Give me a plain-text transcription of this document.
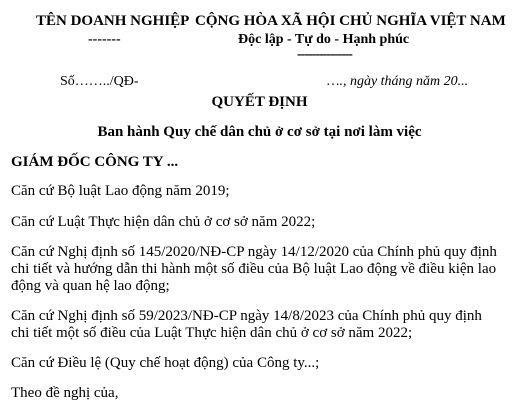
TÊN DOANH NGHIỆP
-------
CỘNG HÒA XÃ HỘI CHỦ NGHĨA VIỆT NAM
Độc lập - Tự do - Hạnh phúc
---------------
Số……../QĐ-	…., ngày tháng năm 20...
QUYẾT ĐỊNH
Ban hành Quy chế dân chủ ở cơ sở tại nơi làm việc
GIÁM ĐỐC CÔNG TY ...
Căn cứ Bộ luật Lao động năm 2019;
Căn cứ Luật Thực hiện dân chủ ở cơ sở năm 2022;
Căn cứ Nghị định số 145/2020/NĐ-CP ngày 14/12/2020 của Chính phủ quy định chi tiết và hướng dẫn thi hành một số điều của Bộ luật Lao động về điều kiện lao động và quan hệ lao động;
Căn cứ Nghị định số 59/2023/NĐ-CP ngày 14/8/2023 của Chính phủ quy định chi tiết một số điều của Luật Thực hiện dân chủ ở cơ sở năm 2022;
Căn cứ Điều lệ (Quy chế hoạt động) của Công ty...;
Theo đề nghị của,
